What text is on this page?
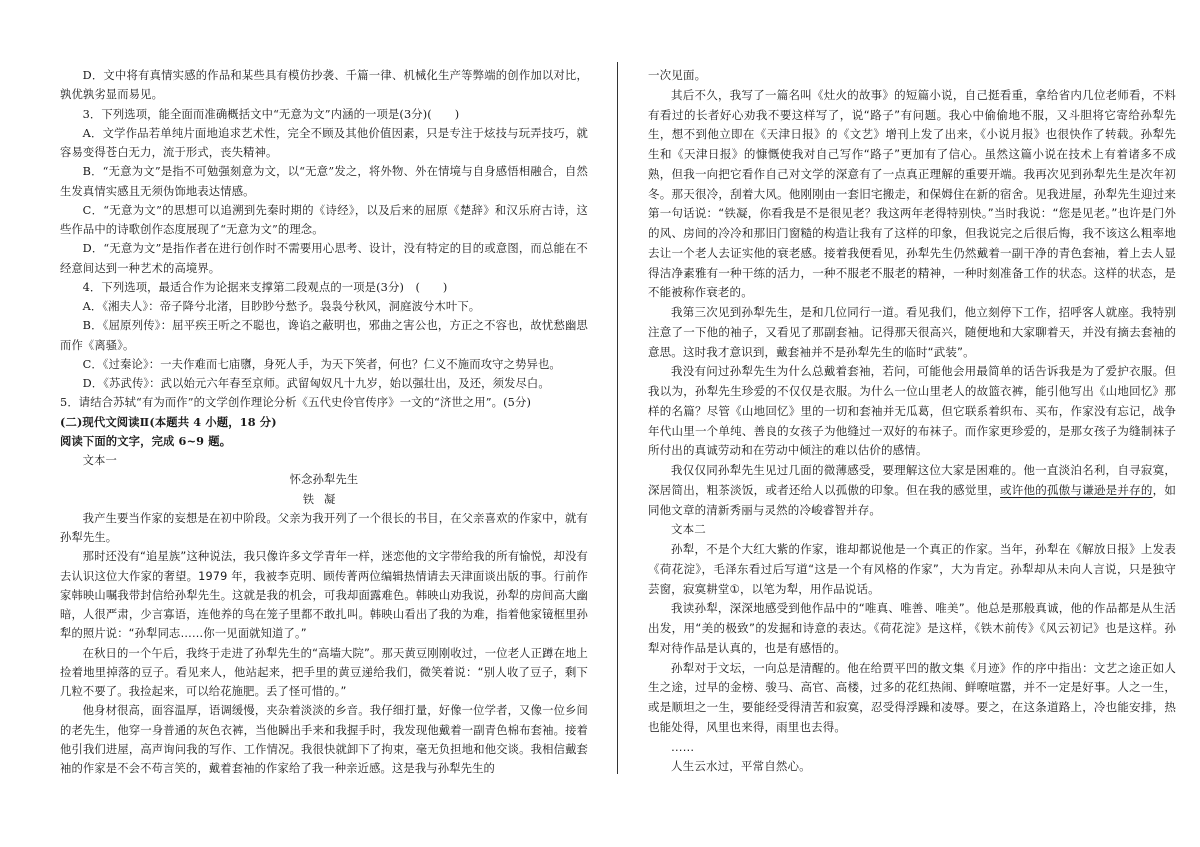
D．文中将有真情实感的作品和某些具有模仿抄袭、千篇一律、机械化生产等弊端的创作加以对比，孰优孰劣显而易见。

3．下列选项，能全面而准确概括文中“无意为文”内涵的一项是(3分)(　　)

A．文学作品若单纯片面地追求艺术性，完全不顾及其他价值因素，只是专注于炫技与玩弄技巧，就容易变得苍白无力，流于形式，丧失精神。

B．“无意为文”是指不可勉强刻意为文，以“无意”发之，将外物、外在情境与自身感悟相融合，自然生发真情实感且无须伪饰地表达情感。

C．“无意为文”的思想可以追溯到先秦时期的《诗经》，以及后来的屈原《楚辞》和汉乐府古诗，这些作品中的诗歌创作态度展现了“无意为文”的理念。

D．“无意为文”是指作者在进行创作时不需要用心思考、设计，没有特定的目的或意图，而总能在不经意间达到一种艺术的高境界。

4．下列选项，最适合作为论据来支撑第二段观点的一项是(3分)　(　　)

A．《湘夫人》：帝子降兮北渚，目眇眇兮愁予。袅袅兮秋风，洞庭波兮木叶下。

B．《屈原列传》：屈平疾王听之不聪也，谗谄之蔽明也，邪曲之害公也，方正之不容也，故忧愁幽思而作《离骚》。

C．《过秦论》：一夫作难而七庙隳，身死人手，为天下笑者，何也？仁义不施而攻守之势异也。

D．《苏武传》：武以始元六年春至京师。武留匈奴凡十九岁，始以强壮出，及还，须发尽白。

5．请结合苏轼“有为而作”的文学创作理论分析《五代史伶官传序》一文的“济世之用”。(5分)

(二)现代文阅读Ⅱ(本题共 4 小题，18 分)

阅读下面的文字，完成 6~9 题。

文本一

怀念孙犁先生

铁凝

我产生要当作家的妄想是在初中阶段。父亲为我开列了一个很长的书目，在父亲喜欢的作家中，就有孙犁先生。

那时还没有“追星族”这种说法，我只像许多文学青年一样，迷恋他的文字带给我的所有愉悦，却没有去认识这位大作家的奢望。1979 年，我被李克明、顾传菁两位编辑热情请去天津面谈出版的事。行前作家韩映山嘱我带封信给孙犁先生。这就是我的机会，可我却面露难色。韩映山劝我说，孙犁的房间高大幽暗，人很严肃，少言寡语，连他养的鸟在笼子里都不敢扎叫。韩映山看出了我的为难，指着他家镜框里孙犁的照片说：“孙犁同志……你一见面就知道了。”

在秋日的一个午后，我终于走进了孙犁先生的“高墙大院”。那天黄豆刚刚收过，一位老人正蹲在地上捡着地里掉落的豆子。看见来人，他站起来，把手里的黄豆递给我们，微笑着说：“别人收了豆子，剩下几粒不要了。我捡起来，可以给花施肥。丢了怪可惜的。”

他身材很高，面容温厚，语调缓慢，夹杂着淡淡的乡音。我仔细打量，好像一位学者，又像一位乡间的老先生，他穿一身普通的灰色衣裤，当他瞬出手来和我握手时，我发现他戴着一副青色棉布套袖。接着他引我们进屋，高声询问我的写作、工作情况。我很快就卸下了拘束，毫无负担地和他交谈。我相信戴套袖的作家是不会不苟言笑的，戴着套袖的作家给了我一种亲近感。这是我与孙犁先生的

一次见面。

其后不久，我写了一篇名叫《灶火的故事》的短篇小说，自己挺看重，拿给省内几位老师看，不料有看过的长者好心劝我不要这样写了，说“路子”有问题。我心中偷偷地不服，又斗胆将它寄给孙犁先生，想不到他立即在《天津日报》的《文艺》增刊上发了出来，《小说月报》也很快作了转载。孙犁先生和《天津日报》的慷慨使我对自己写作“路子”更加有了信心。虽然这篇小说在技术上有着诸多不成熟，但我一向把它看作自己对文学的深意有了一点真正理解的重要开端。我再次见到孙犁先生是次年初冬。那天很冷，刮着大风。他刚刚由一套旧宅搬走，和保姆住在新的宿舍。见我进屋，孙犁先生迎过来第一句话说：“铁凝，你看我是不是很见老？我这两年老得特别快。”当时我说：“您是见老。”也许是门外的风、房间的冷冷和那旧门窗糙的构造让我有了这样的印象，但我说完之后很后悔，我不该这么粗率地去让一个老人去证实他的衰老感。接着我便看见，孙犁先生仍然戴着一副干净的青色套袖，着上去人显得洁净素雅有一种干练的活力，一种不服老不服老的精神，一种时刻准备工作的状态。这样的状态，是不能被称作衰老的。

我第三次见到孙犁先生，是和几位同行一道。看见我们，他立刻停下工作，招呼客人就座。我特别注意了一下他的袖子，又看见了那副套袖。记得那天很高兴，随便地和大家聊着天，并没有摘去套袖的意思。这时我才意识到，戴套袖并不是孙犁先生的临时“武装”。

我没有问过孙犁先生为什么总戴着套袖，若问，可能他会用最简单的话告诉我是为了爱护衣服。但我以为，孙犁先生珍爱的不仅仅是衣服。为什么一位山里老人的故篮衣裤，能引他写出《山地回忆》那样的名篇？尽管《山地回忆》里的一切和套袖并无瓜葛，但它联系着织布、买布，作家没有忘记，战争年代山里一个单纯、善良的女孩子为他缝过一双好的布袜子。而作家更珍爱的，是那女孩子为缝制袜子所付出的真诚劳动和在劳动中倾注的难以估价的感情。

我仅仅同孙犁先生见过几面的微薄感受，要理解这位大家是困难的。他一直淡泊名利，自寻寂寞，深居简出，粗茶淡饭，或者还给人以孤傲的印象。但在我的感觉里，或许他的孤傲与谦逊是并存的，如同他文章的清新秀丽与灵然的冷峻睿智并存。

文本二

孙犁，不是个大红大紫的作家，谁却都说他是一个真正的作家。当年，孙犁在《解放日报》上发表《荷花淀》，毛泽东看过后写道“这是一个有风格的作家”，大为肯定。孙犁却从未向人言说，只是独守芸窗，寂寞耕堂①，以笔为犁，用作品说话。

我读孙犁，深深地感受到他作品中的“唯真、唯善、唯美”。他总是那般真诚，他的作品都是从生活出发，用“美的极致”的发掘和诗意的表达。《荷花淀》是这样，《铁木前传》《风云初记》也是这样。孙犁对待作品是认真的，也是有感悟的。

孙犁对于文坛，一向总是清醒的。他在给贾平凹的散文集《月迹》作的序中指出：文艺之途正如人生之途，过早的金榜、骏马、高官、高楼，过多的花红热闹、鲜嘹喧嚣，并不一定是好事。人之一生，或是顺坦之一生，要能经受得清苦和寂寞，忍受得浮躁和凌辱。要之，在这条道路上，冷也能安排，热也能处得，风里也来得，雨里也去得。

……

人生云水过，平常自然心。
